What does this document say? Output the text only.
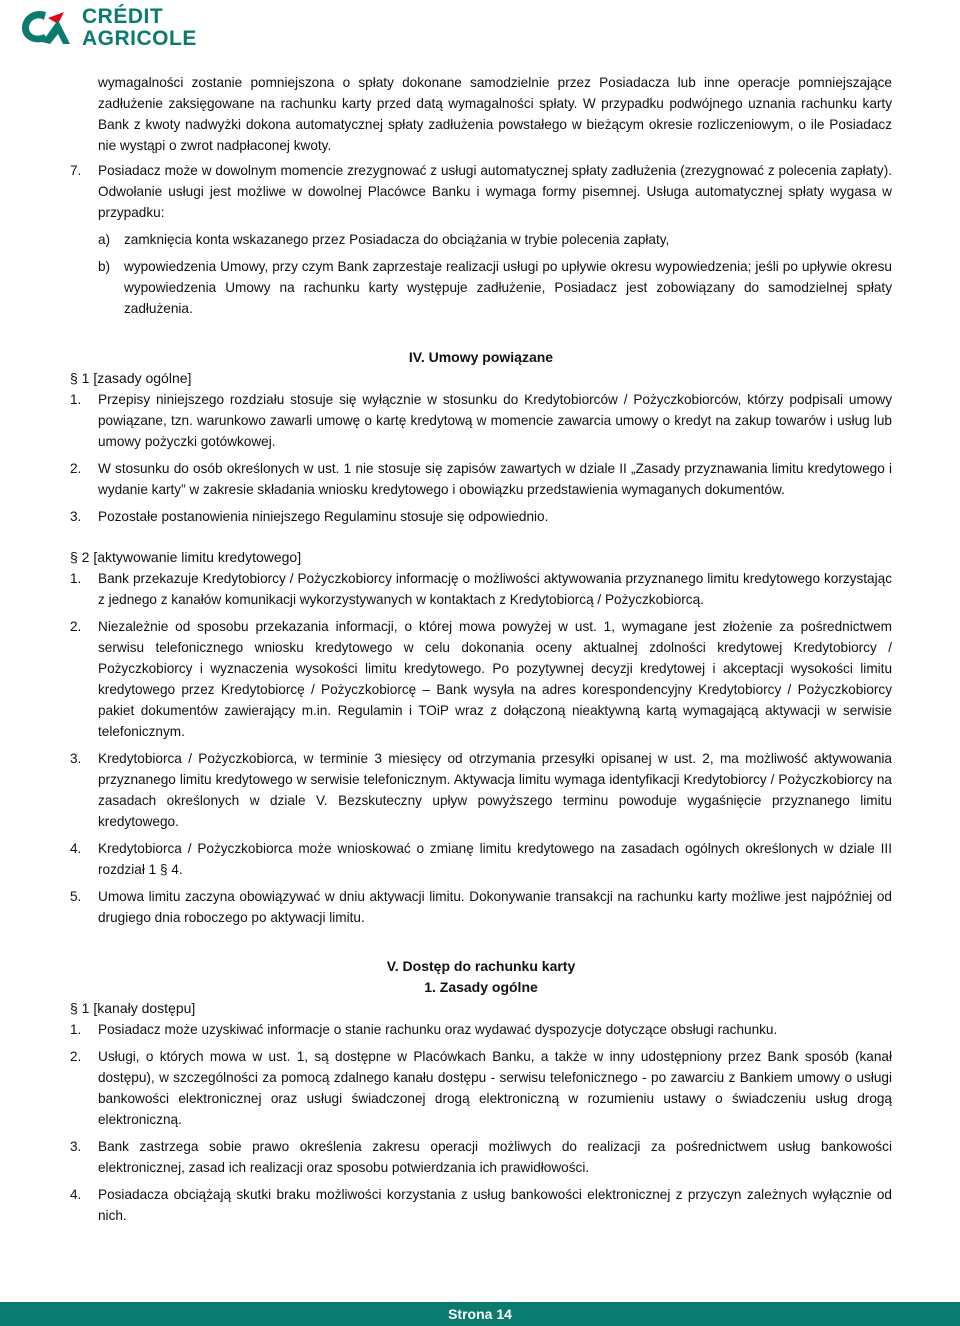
CRÉDIT
AGRICOLE

wymagalności zostanie pomniejszona o spłaty dokonane samodzielnie przez Posiadacza lub inne operacje pomniejszające zadłużenie zaksięgowane na rachunku karty przed datą wymagalności spłaty. W przypadku podwójnego uznania rachunku karty Bank z kwoty nadwyżki dokona automatycznej spłaty zadłużenia powstałego w bieżącym okresie rozliczeniowym, o ile Posiadacz nie wystąpi o zwrot nadpłaconej kwoty.

7. Posiadacz może w dowolnym momencie zrezygnować z usługi automatycznej spłaty zadłużenia (zrezygnować z polecenia zapłaty). Odwołanie usługi jest możliwe w dowolnej Placówce Banku i wymaga formy pisemnej. Usługa automatycznej spłaty wygasa w przypadku:
a) zamknięcia konta wskazanego przez Posiadacza do obciążania w trybie polecenia zapłaty,
b) wypowiedzenia Umowy, przy czym Bank zaprzestaje realizacji usługi po upływie okresu wypowiedzenia; jeśli po upływie okresu wypowiedzenia Umowy na rachunku karty występuje zadłużenie, Posiadacz jest zobowiązany do samodzielnej spłaty zadłużenia.

IV. Umowy powiązane

§ 1 [zasady ogólne]

1. Przepisy niniejszego rozdziału stosuje się wyłącznie w stosunku do Kredytobiorców / Pożyczkobiorców, którzy podpisali umowy powiązane, tzn. warunkowo zawarli umowę o kartę kredytową w momencie zawarcia umowy o kredyt na zakup towarów i usług lub umowy pożyczki gotówkowej.
2. W stosunku do osób określonych w ust. 1 nie stosuje się zapisów zawartych w dziale II „Zasady przyznawania limitu kredytowego i wydanie karty” w zakresie składania wniosku kredytowego i obowiązku przedstawienia wymaganych dokumentów.
3. Pozostałe postanowienia niniejszego Regulaminu stosuje się odpowiednio.

§ 2 [aktywowanie limitu kredytowego]

1. Bank przekazuje Kredytobiorcy / Pożyczkobiorcy informację o możliwości aktywowania przyznanego limitu kredytowego korzystając z jednego z kanałów komunikacji wykorzystywanych w kontaktach z Kredytobiorcą / Pożyczkobiorcą.
2. Niezależnie od sposobu przekazania informacji, o której mowa powyżej w ust. 1, wymagane jest złożenie za pośrednictwem serwisu telefonicznego wniosku kredytowego w celu dokonania oceny aktualnej zdolności kredytowej Kredytobiorcy / Pożyczkobiorcy i wyznaczenia wysokości limitu kredytowego. Po pozytywnej decyzji kredytowej i akceptacji wysokości limitu kredytowego przez Kredytobiorcę / Pożyczkobiorcę – Bank wysyła na adres korespondencyjny Kredytobiorcy / Pożyczkobiorcy pakiet dokumentów zawierający m.in. Regulamin i TOiP wraz z dołączoną nieaktywną kartą wymagającą aktywacji w serwisie telefonicznym.
3. Kredytobiorca / Pożyczkobiorca, w terminie 3 miesięcy od otrzymania przesyłki opisanej w ust. 2, ma możliwość aktywowania przyznanego limitu kredytowego w serwisie telefonicznym. Aktywacja limitu wymaga identyfikacji Kredytobiorcy / Pożyczkobiorcy na zasadach określonych w dziale V. Bezskuteczny upływ powyższego terminu powoduje wygaśnięcie przyznanego limitu kredytowego.
4. Kredytobiorca / Pożyczkobiorca może wnioskować o zmianę limitu kredytowego na zasadach ogólnych określonych w dziale III rozdział 1 § 4.
5. Umowa limitu zaczyna obowiązywać w dniu aktywacji limitu. Dokonywanie transakcji na rachunku karty możliwe jest najpóźniej od drugiego dnia roboczego po aktywacji limitu.

V. Dostęp do rachunku karty

1. Zasady ogólne

§ 1 [kanały dostępu]

1. Posiadacz może uzyskiwać informacje o stanie rachunku oraz wydawać dyspozycje dotyczące obsługi rachunku.
2. Usługi, o których mowa w ust. 1, są dostępne w Placówkach Banku, a także w inny udostępniony przez Bank sposób (kanał dostępu), w szczególności za pomocą zdalnego kanału dostępu - serwisu telefonicznego - po zawarciu z Bankiem umowy o usługi bankowości elektronicznej oraz usługi świadczonej drogą elektroniczną w rozumieniu ustawy o świadczeniu usług drogą elektroniczną.
3. Bank zastrzega sobie prawo określenia zakresu operacji możliwych do realizacji za pośrednictwem usług bankowości elektronicznej, zasad ich realizacji oraz sposobu potwierdzania ich prawidłowości.
4. Posiadacza obciążają skutki braku możliwości korzystania z usług bankowości elektronicznej z przyczyn zależnych wyłącznie od nich.
Strona 14
